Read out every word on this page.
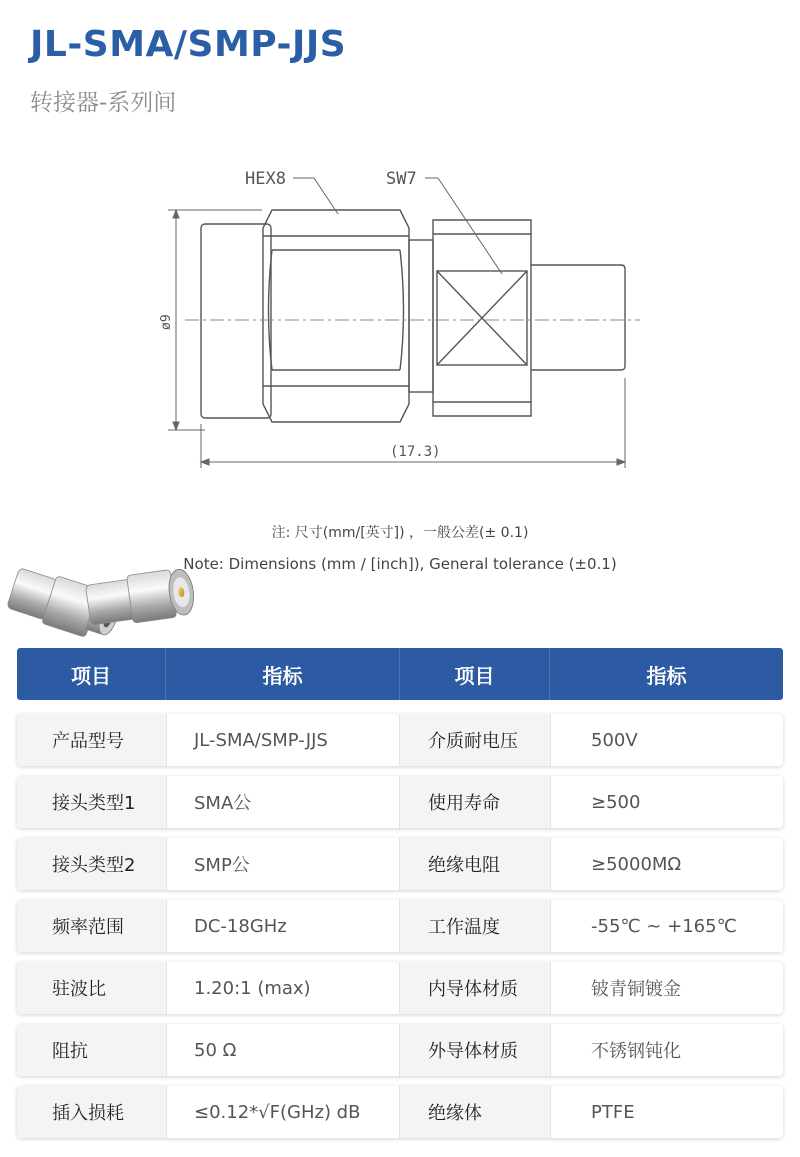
JL-SMA/SMP-JJS
转接器-系列间
HEX8	SW7
ø9
(17.3)
注: 尺寸(mm/[英寸]) ，一般公差(± 0.1)
Note: Dimensions (mm / [inch]), General tolerance (±0.1)
项目	指标	项目	指标
产品型号	JL-SMA/SMP-JJS	介质耐电压	500V
接头类型1	SMA公	使用寿命	≥500
接头类型2	SMP公	绝缘电阻	≥5000MΩ
频率范围	DC-18GHz	工作温度	-55℃ ~ +165℃
驻波比	1.20:1 (max)	内导体材质	铍青铜镀金
阻抗	50 Ω	外导体材质	不锈钢钝化
插入损耗	≤0.12*√F(GHz) dB	绝缘体	PTFE
